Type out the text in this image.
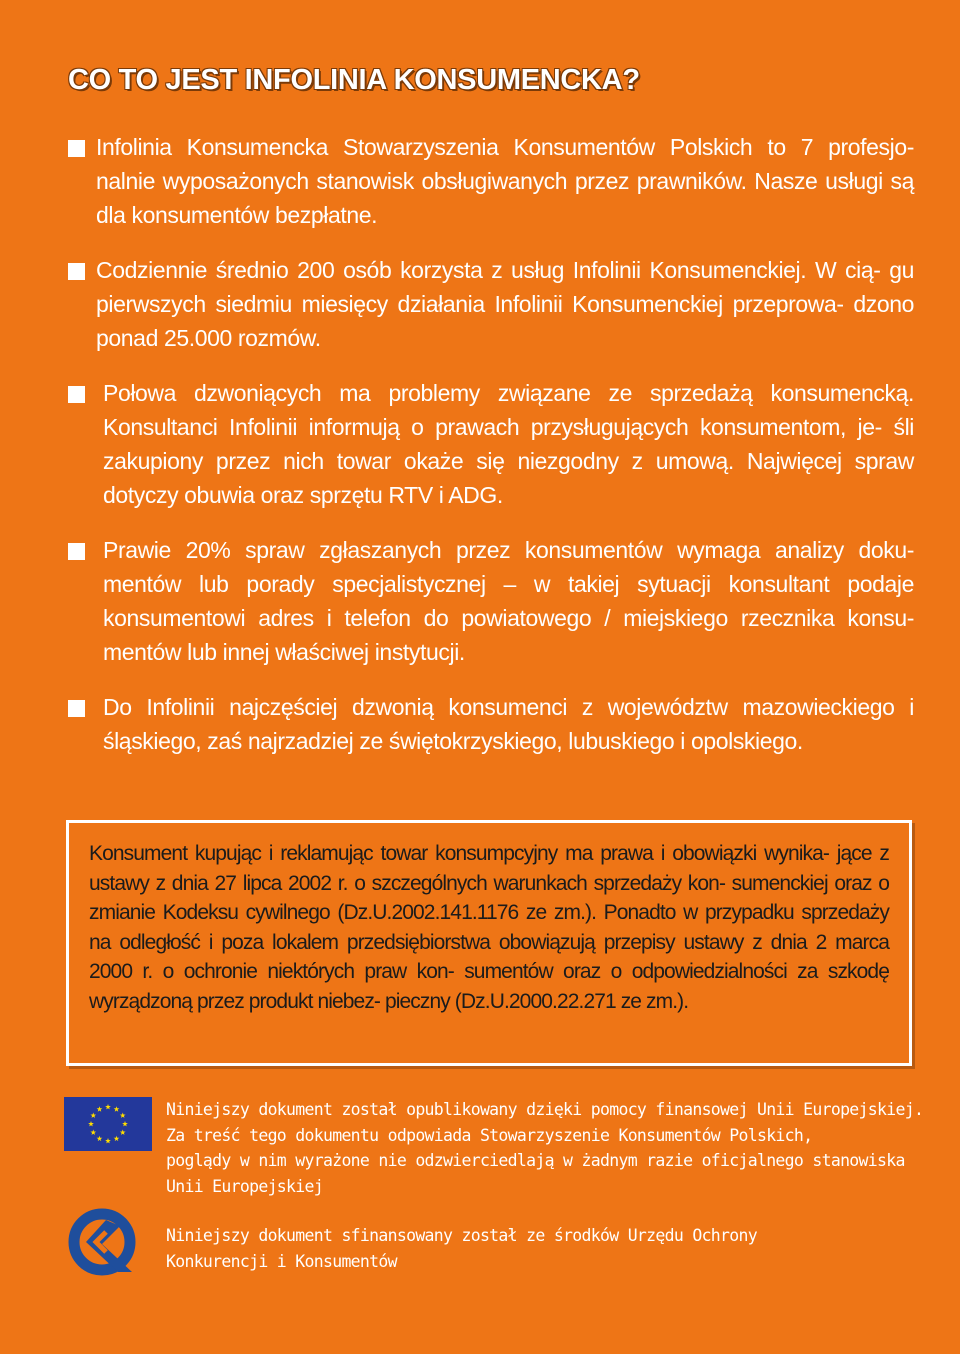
CO TO JEST INFOLINIA KONSUMENCKA?
Infolinia Konsumencka Stowarzyszenia Konsumentów Polskich to 7 profesjo- nalnie wyposażonych stanowisk obsługiwanych przez prawników. Nasze usługi są dla konsumentów bezpłatne.
Codziennie średnio 200 osób korzysta z usług Infolinii Konsumenckiej. W cią- gu pierwszych siedmiu miesięcy działania Infolinii Konsumenckiej przeprowa- dzono ponad 25.000 rozmów.
Połowa dzwoniących ma problemy związane ze sprzedażą konsumencką. Konsultanci Infolinii informują o prawach przysługujących konsumentom, je- śli zakupiony przez nich towar okaże się niezgodny z umową. Najwięcej spraw dotyczy obuwia oraz sprzętu RTV i ADG.
Prawie 20% spraw zgłaszanych przez konsumentów wymaga analizy doku- mentów lub porady specjalistycznej – w takiej sytuacji konsultant podaje konsumentowi adres i telefon do powiatowego / miejskiego rzecznika konsu- mentów lub innej właściwej instytucji.
Do Infolinii najczęściej dzwonią konsumenci z województw mazowieckiego i śląskiego, zaś najrzadziej ze świętokrzyskiego, lubuskiego i opolskiego.
Konsument kupując i reklamując towar konsumpcyjny ma prawa i obowiązki wynika- jące z ustawy z dnia 27 lipca 2002 r. o szczególnych warunkach sprzedaży kon- sumenckiej oraz o zmianie Kodeksu cywilnego (Dz.U.2002.141.1176 ze zm.). Ponadto w przypadku sprzedaży na odległość i poza lokalem przedsiębiorstwa obowiązują przepisy ustawy z dnia 2 marca 2000 r. o ochronie niektórych praw kon- sumentów oraz o odpowiedzialności za szkodę wyrządzoną przez produkt niebez- pieczny (Dz.U.2000.22.271 ze zm.).
Niniejszy dokument został opublikowany dzięki pomocy finansowej Unii Europejskiej.
Za treść tego dokumentu odpowiada Stowarzyszenie Konsumentów Polskich,
poglądy w nim wyrażone nie odzwierciedlają w żadnym razie oficjalnego stanowiska
Unii Europejskiej
Niniejszy dokument sfinansowany został ze środków Urzędu Ochrony
Konkurencji i Konsumentów
